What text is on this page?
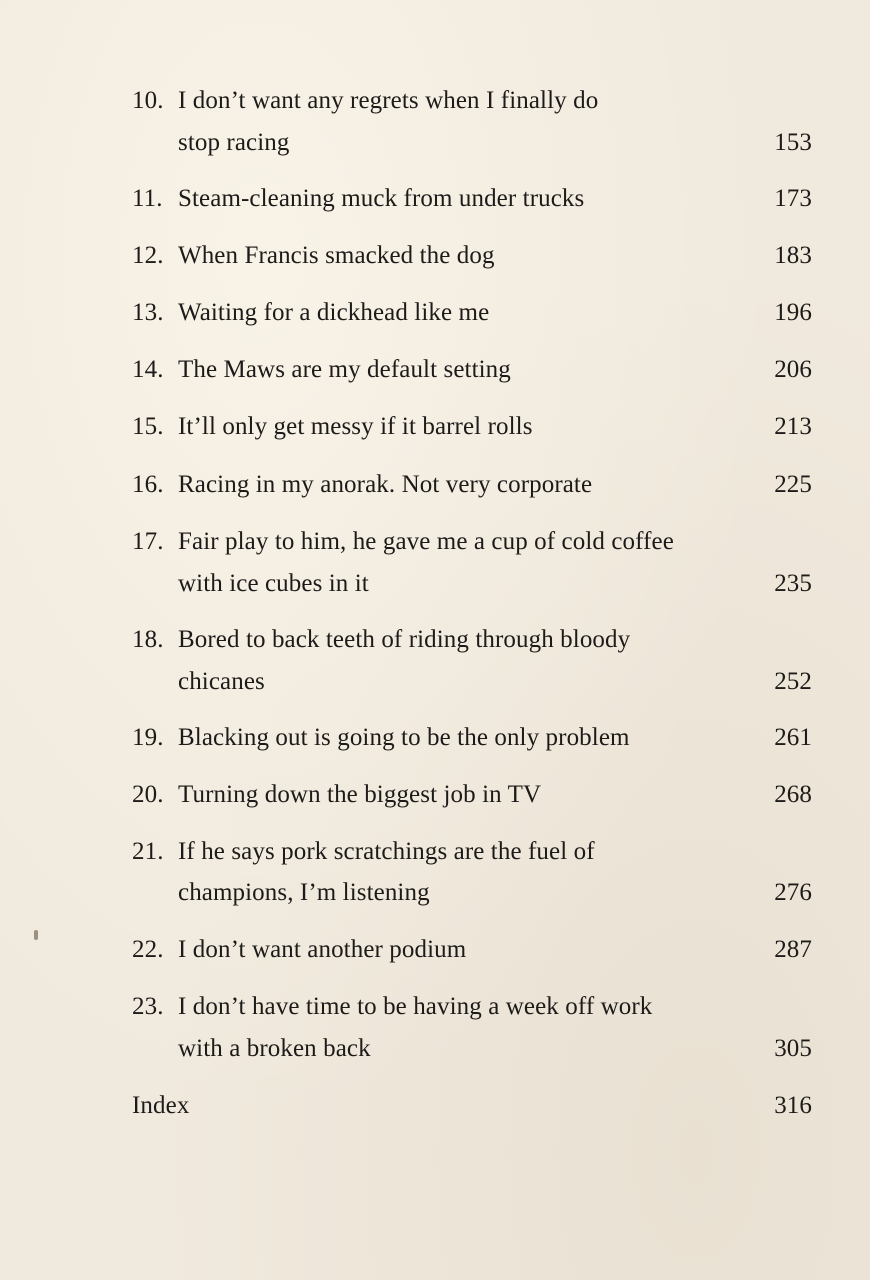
10. I don’t want any regrets when I finally do
stop racing	153
11. Steam-cleaning muck from under trucks	173
12. When Francis smacked the dog	183
13. Waiting for a dickhead like me	196
14. The Maws are my default setting	206
15. It’ll only get messy if it barrel rolls	213
16. Racing in my anorak. Not very corporate	225
17. Fair play to him, he gave me a cup of cold coffee
with ice cubes in it	235
18. Bored to back teeth of riding through bloody
chicanes	252
19. Blacking out is going to be the only problem	261
20. Turning down the biggest job in TV	268
21. If he says pork scratchings are the fuel of
champions, I’m listening	276
22. I don’t want another podium	287
23. I don’t have time to be having a week off work
with a broken back	305
Index	316
